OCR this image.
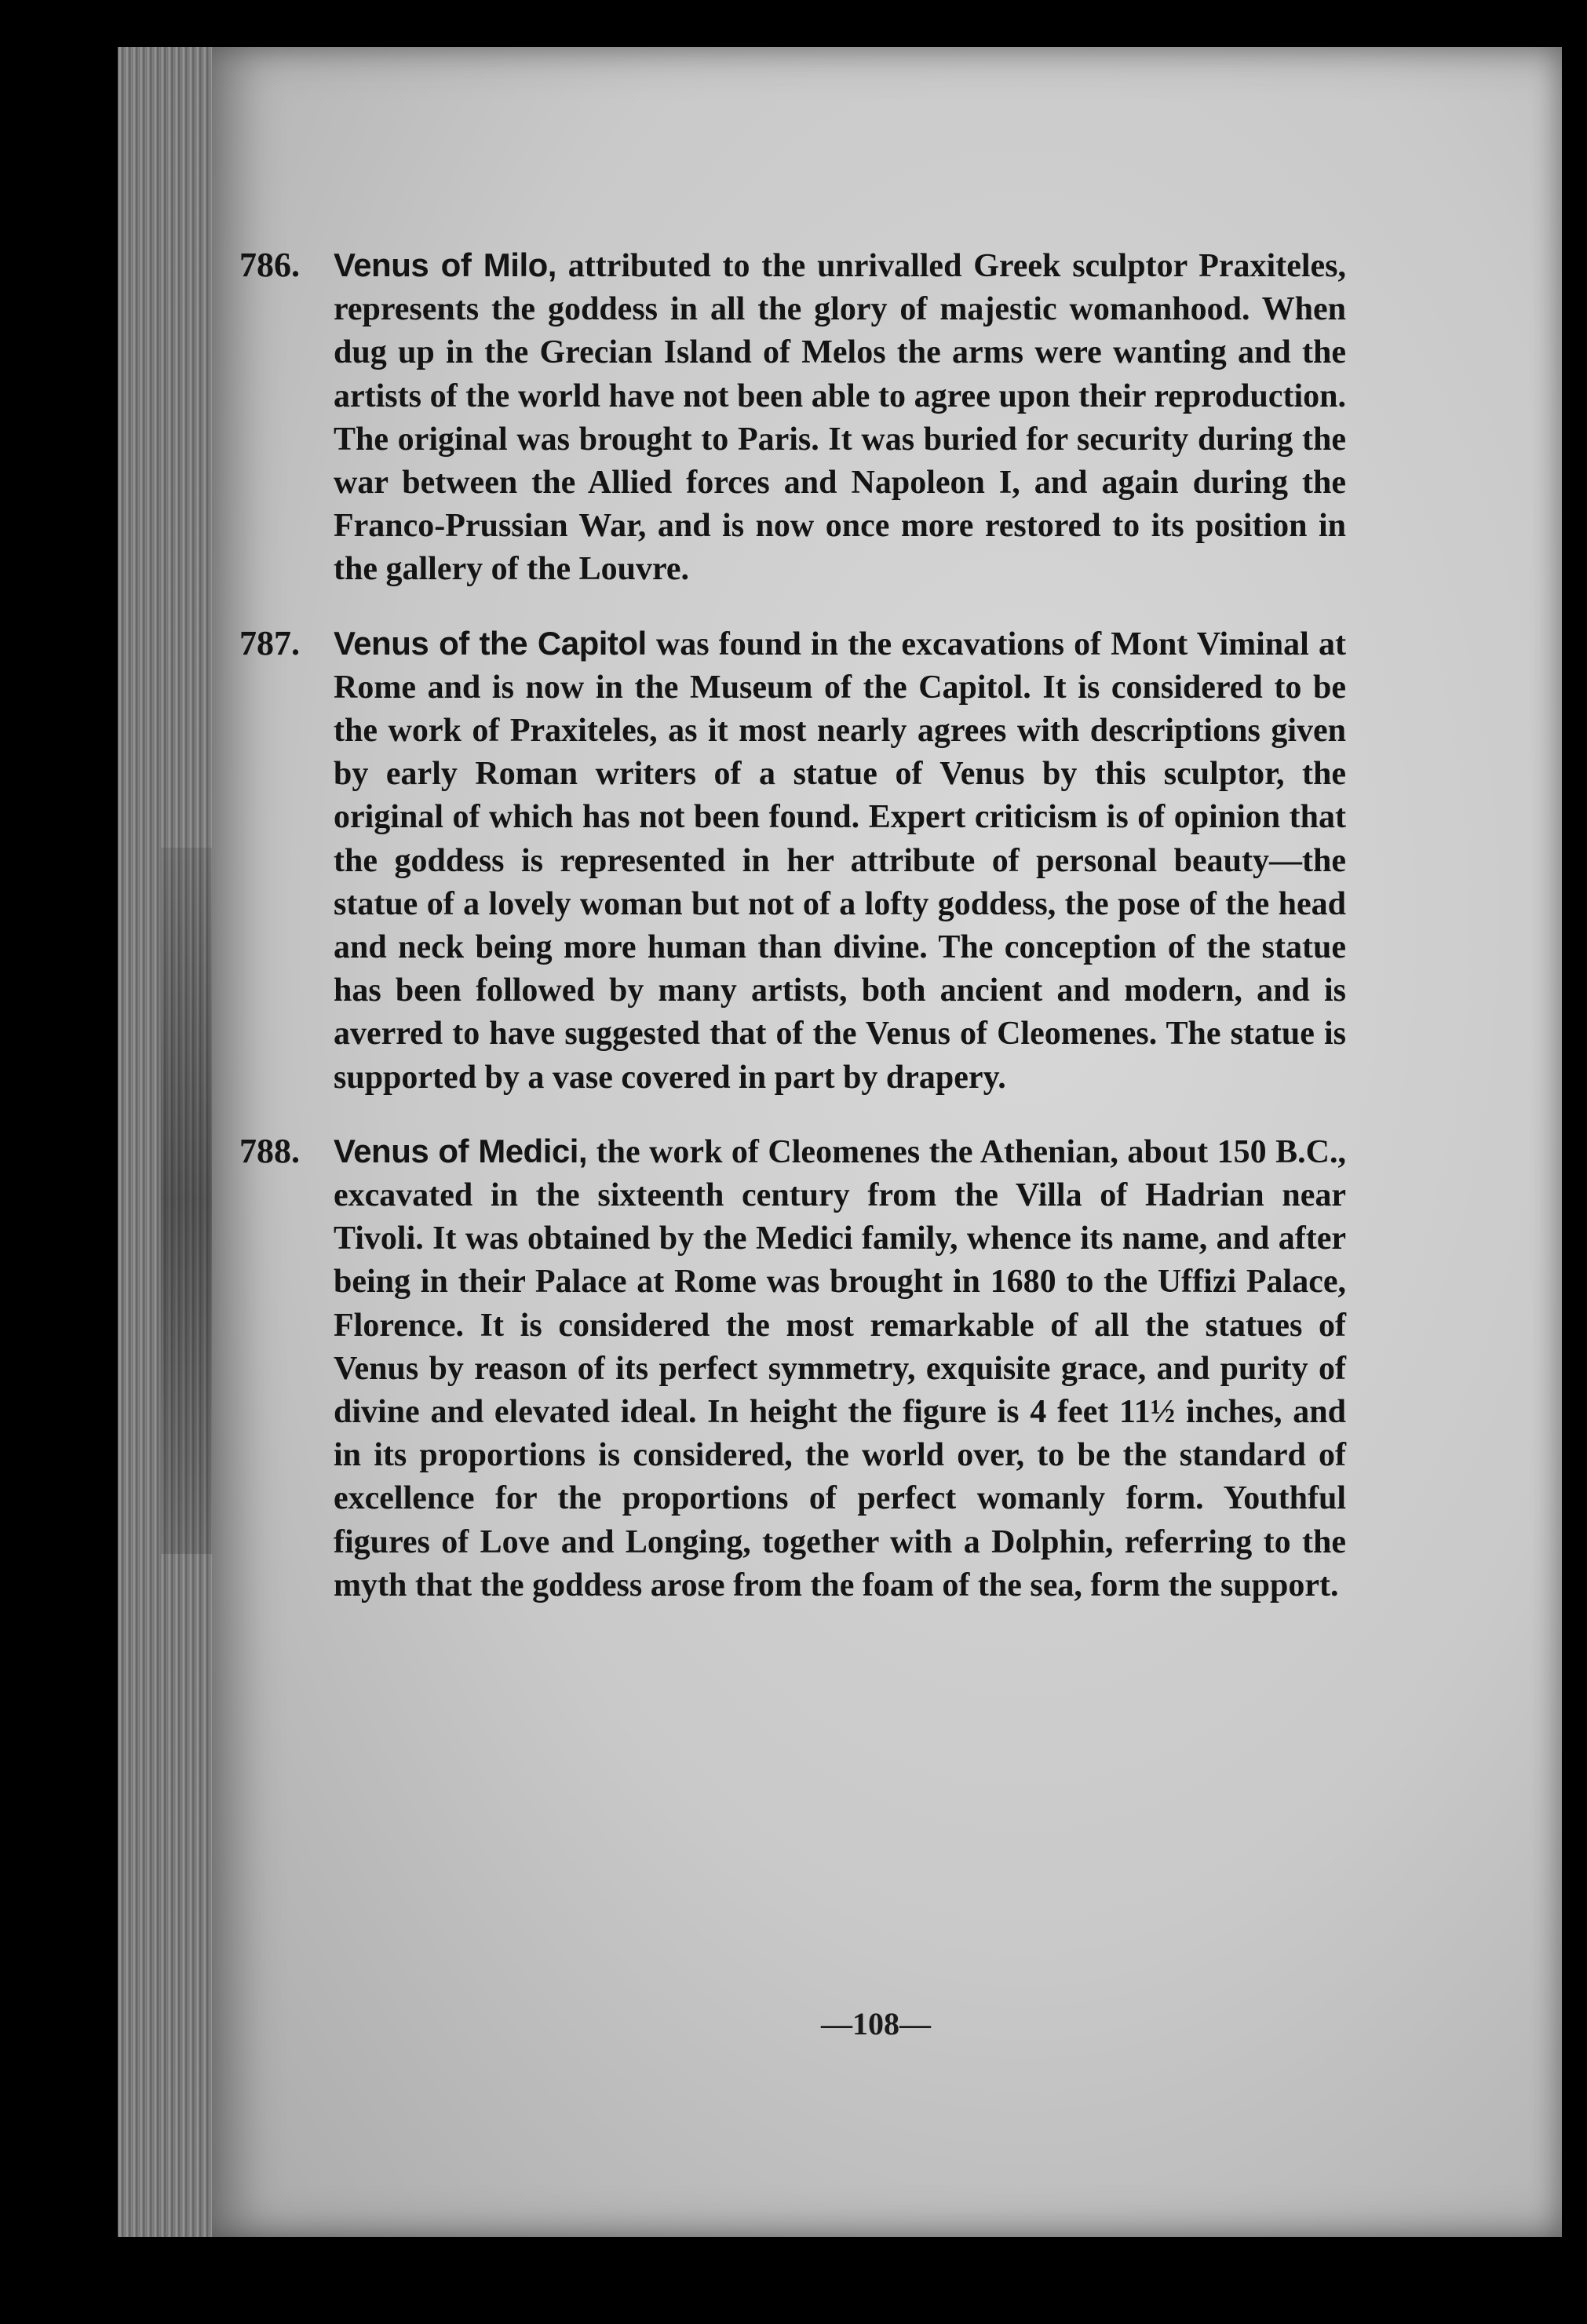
786. Venus of Milo, attributed to the unrivalled Greek sculptor Praxiteles, represents the goddess in all the glory of majestic womanhood. When dug up in the Grecian Island of Melos the arms were wanting and the artists of the world have not been able to agree upon their reproduction. The original was brought to Paris. It was buried for security during the war between the Allied forces and Napoleon I, and again during the Franco-Prussian War, and is now once more restored to its position in the gallery of the Louvre.
787. Venus of the Capitol was found in the excavations of Mont Viminal at Rome and is now in the Museum of the Capitol. It is considered to be the work of Praxiteles, as it most nearly agrees with descriptions given by early Roman writers of a statue of Venus by this sculptor, the original of which has not been found. Expert criticism is of opinion that the goddess is represented in her attribute of personal beauty—the statue of a lovely woman but not of a lofty goddess, the pose of the head and neck being more human than divine. The conception of the statue has been followed by many artists, both ancient and modern, and is averred to have suggested that of the Venus of Cleomenes. The statue is supported by a vase covered in part by drapery.
788. Venus of Medici, the work of Cleomenes the Athenian, about 150 B.C., excavated in the sixteenth century from the Villa of Hadrian near Tivoli. It was obtained by the Medici family, whence its name, and after being in their Palace at Rome was brought in 1680 to the Uffizi Palace, Florence. It is considered the most remarkable of all the statues of Venus by reason of its perfect symmetry, exquisite grace, and purity of divine and elevated ideal. In height the figure is 4 feet 11½ inches, and in its proportions is considered, the world over, to be the standard of excellence for the proportions of perfect womanly form. Youthful figures of Love and Longing, together with a Dolphin, referring to the myth that the goddess arose from the foam of the sea, form the support.
—108—
